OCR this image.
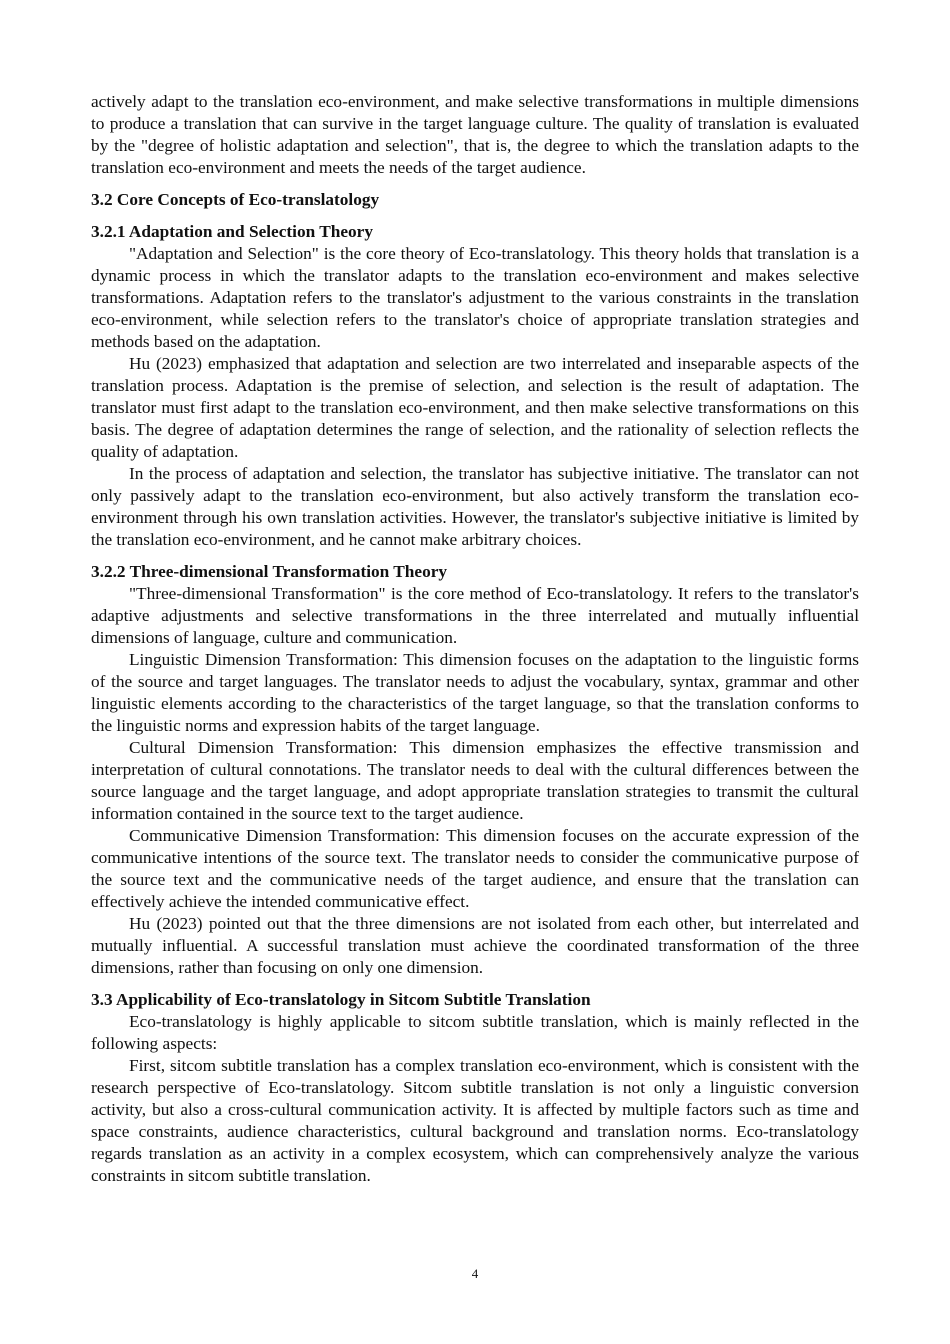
actively adapt to the translation eco-environment, and make selective transformations in multiple dimensions to produce a translation that can survive in the target language culture. The quality of translation is evaluated by the "degree of holistic adaptation and selection", that is, the degree to which the translation adapts to the translation eco-environment and meets the needs of the target audience.

3.2 Core Concepts of Eco-translatology
3.2.1 Adaptation and Selection Theory

"Adaptation and Selection" is the core theory of Eco-translatology. This theory holds that translation is a dynamic process in which the translator adapts to the translation eco-environment and makes selective transformations. Adaptation refers to the translator's adjustment to the various constraints in the translation eco-environment, while selection refers to the translator's choice of appropriate translation strategies and methods based on the adaptation.

Hu (2023) emphasized that adaptation and selection are two interrelated and inseparable aspects of the translation process. Adaptation is the premise of selection, and selection is the result of adaptation. The translator must first adapt to the translation eco-environment, and then make selective transformations on this basis. The degree of adaptation determines the range of selection, and the rationality of selection reflects the quality of adaptation.

In the process of adaptation and selection, the translator has subjective initiative. The translator can not only passively adapt to the translation eco-environment, but also actively transform the translation eco-environment through his own translation activities. However, the translator's subjective initiative is limited by the translation eco-environment, and he cannot make arbitrary choices.

3.2.2 Three-dimensional Transformation Theory

"Three-dimensional Transformation" is the core method of Eco-translatology. It refers to the translator's adaptive adjustments and selective transformations in the three interrelated and mutually influential dimensions of language, culture and communication.

Linguistic Dimension Transformation: This dimension focuses on the adaptation to the linguistic forms of the source and target languages. The translator needs to adjust the vocabulary, syntax, grammar and other linguistic elements according to the characteristics of the target language, so that the translation conforms to the linguistic norms and expression habits of the target language.

Cultural Dimension Transformation: This dimension emphasizes the effective transmission and interpretation of cultural connotations. The translator needs to deal with the cultural differences between the source language and the target language, and adopt appropriate translation strategies to transmit the cultural information contained in the source text to the target audience.

Communicative Dimension Transformation: This dimension focuses on the accurate expression of the communicative intentions of the source text. The translator needs to consider the communicative purpose of the source text and the communicative needs of the target audience, and ensure that the translation can effectively achieve the intended communicative effect.

Hu (2023) pointed out that the three dimensions are not isolated from each other, but interrelated and mutually influential. A successful translation must achieve the coordinated transformation of the three dimensions, rather than focusing on only one dimension.

3.3 Applicability of Eco-translatology in Sitcom Subtitle Translation

Eco-translatology is highly applicable to sitcom subtitle translation, which is mainly reflected in the following aspects:

First, sitcom subtitle translation has a complex translation eco-environment, which is consistent with the research perspective of Eco-translatology. Sitcom subtitle translation is not only a linguistic conversion activity, but also a cross-cultural communication activity. It is affected by multiple factors such as time and space constraints, audience characteristics, cultural background and translation norms. Eco-translatology regards translation as an activity in a complex ecosystem, which can comprehensively analyze the various constraints in sitcom subtitle translation.

4
